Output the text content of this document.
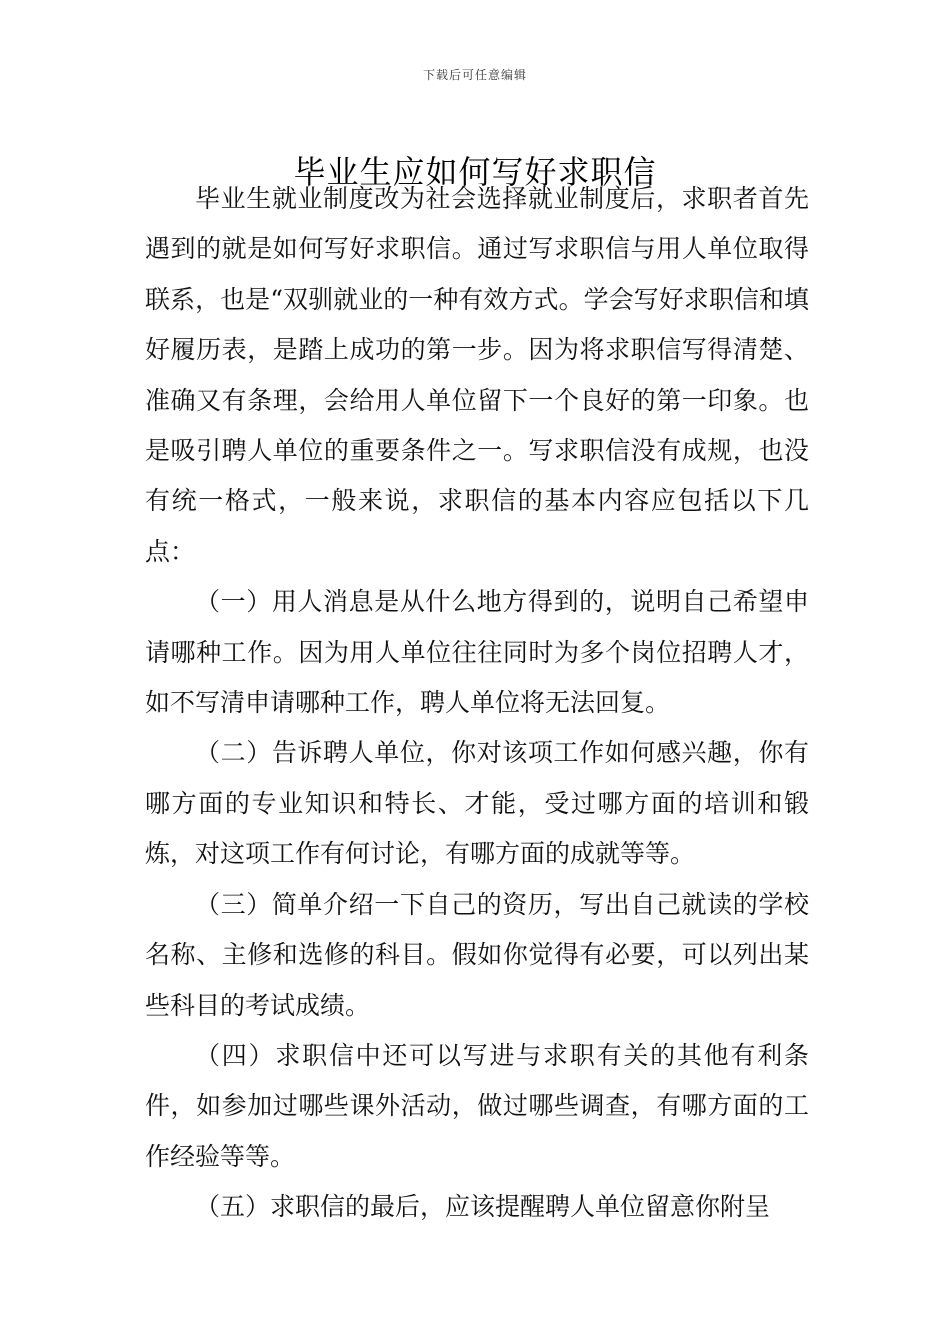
下载后可任意编辑
毕业生应如何写好求职信

毕业生就业制度改为社会选择就业制度后，求职者首先遇到的就是如何写好求职信。通过写求职信与用人单位取得联系，也是“双驯就业的一种有效方式。学会写好求职信和填好履历表，是踏上成功的第一步。因为将求职信写得清楚、准确又有条理，会给用人单位留下一个良好的第一印象。也是吸引聘人单位的重要条件之一。写求职信没有成规，也没有统一格式，一般来说，求职信的基本内容应包括以下几点：

（一）用人消息是从什么地方得到的，说明自己希望申请哪种工作。因为用人单位往往同时为多个岗位招聘人才，如不写清申请哪种工作，聘人单位将无法回复。

（二）告诉聘人单位，你对该项工作如何感兴趣，你有哪方面的专业知识和特长、才能，受过哪方面的培训和锻炼，对这项工作有何讨论，有哪方面的成就等等。

（三）简单介绍一下自己的资历，写出自己就读的学校名称、主修和选修的科目。假如你觉得有必要，可以列出某些科目的考试成绩。

（四）求职信中还可以写进与求职有关的其他有利条件，如参加过哪些课外活动，做过哪些调查，有哪方面的工作经验等等。

（五）求职信的最后，应该提醒聘人单位留意你附呈
